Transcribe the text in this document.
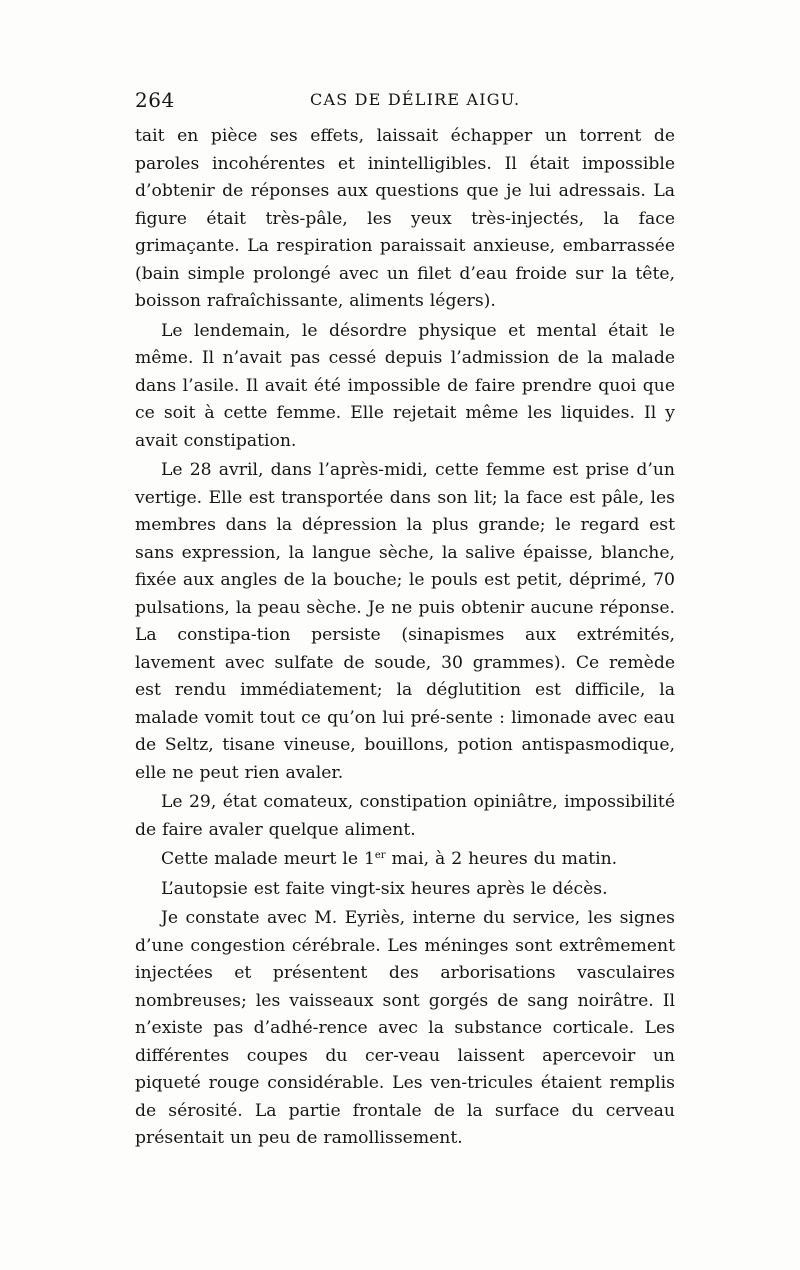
264	CAS DE DÉLIRE AIGU.

tait en pièce ses effets, laissait échapper un torrent de paroles incohérentes et inintelligibles. Il était impossible d’obtenir de réponses aux questions que je lui adressais. La figure était très-pâle, les yeux très-injectés, la face grimaçante. La respiration paraissait anxieuse, embarrassée (bain simple prolongé avec un filet d’eau froide sur la tête, boisson rafraîchissante, aliments légers).

Le lendemain, le désordre physique et mental était le même. Il n’avait pas cessé depuis l’admission de la malade dans l’asile. Il avait été impossible de faire prendre quoi que ce soit à cette femme. Elle rejetait même les liquides. Il y avait constipation.

Le 28 avril, dans l’après-midi, cette femme est prise d’un vertige. Elle est transportée dans son lit; la face est pâle, les membres dans la dépression la plus grande; le regard est sans expression, la langue sèche, la salive épaisse, blanche, fixée aux angles de la bouche; le pouls est petit, déprimé, 70 pulsations, la peau sèche. Je ne puis obtenir aucune réponse. La constipa-tion persiste (sinapismes aux extrémités, lavement avec sulfate de soude, 30 grammes). Ce remède est rendu immédiatement; la déglutition est difficile, la malade vomit tout ce qu’on lui pré-sente : limonade avec eau de Seltz, tisane vineuse, bouillons, potion antispasmodique, elle ne peut rien avaler.

Le 29, état comateux, constipation opiniâtre, impossibilité de faire avaler quelque aliment.

Cette malade meurt le 1er mai, à 2 heures du matin.

L’autopsie est faite vingt-six heures après le décès.

Je constate avec M. Eyriès, interne du service, les signes d’une congestion cérébrale. Les méninges sont extrêmement injectées et présentent des arborisations vasculaires nombreuses; les vaisseaux sont gorgés de sang noirâtre. Il n’existe pas d’adhé-rence avec la substance corticale. Les différentes coupes du cer-veau laissent apercevoir un piqueté rouge considérable. Les ven-tricules étaient remplis de sérosité. La partie frontale de la surface du cerveau présentait un peu de ramollissement.
